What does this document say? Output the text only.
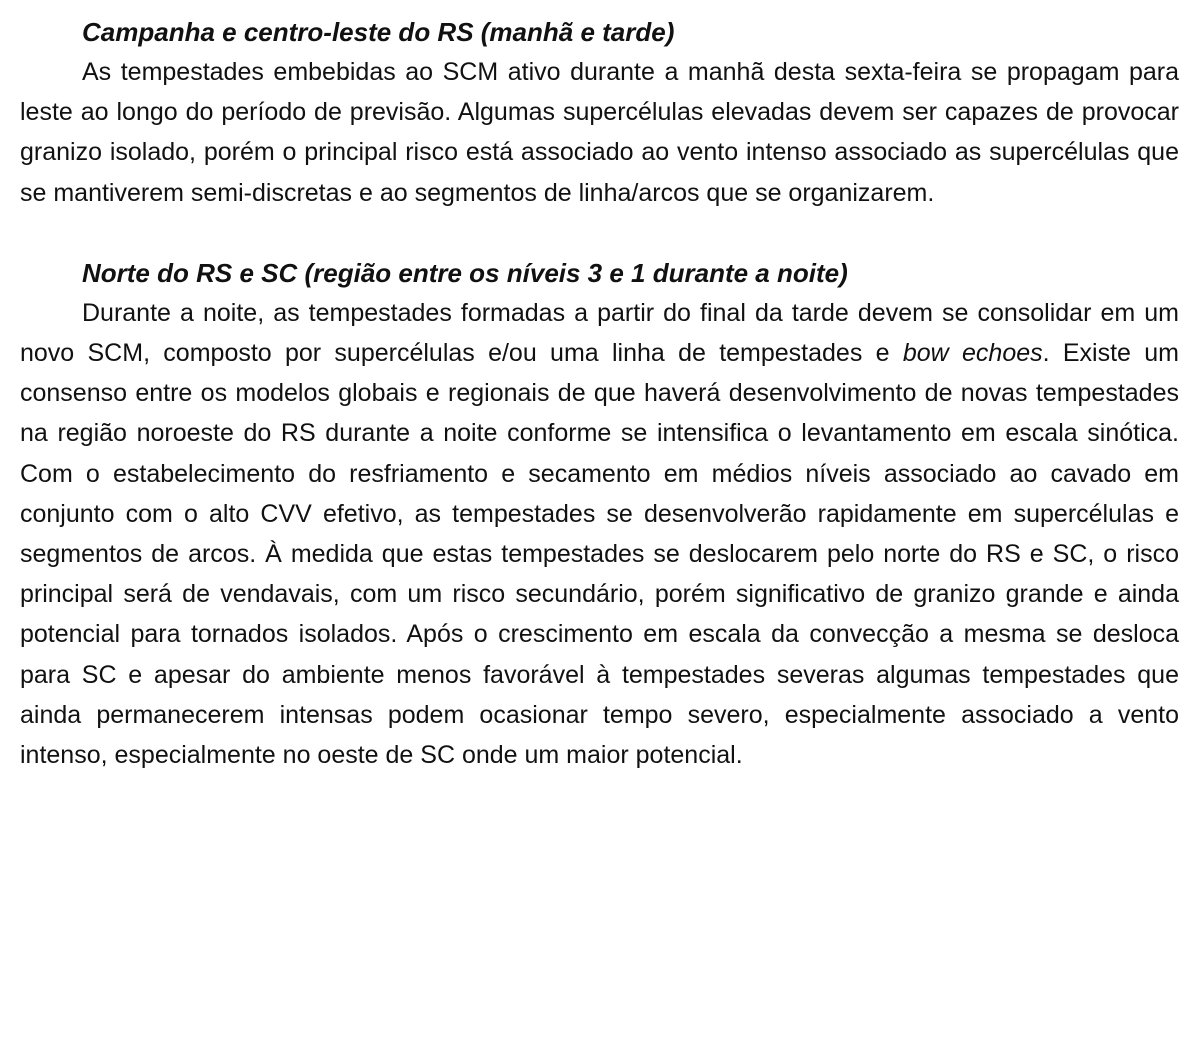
Campanha e centro-leste do RS (manhã e tarde)

As tempestades embebidas ao SCM ativo durante a manhã desta sexta-feira se propagam para leste ao longo do período de previsão. Algumas supercélulas elevadas devem ser capazes de provocar granizo isolado, porém o principal risco está associado ao vento intenso associado as supercélulas que se mantiverem semi-discretas e ao segmentos de linha/arcos que se organizarem.

Norte do RS e SC (região entre os níveis 3 e 1 durante a noite)

Durante a noite, as tempestades formadas a partir do final da tarde devem se consolidar em um novo SCM, composto por supercélulas e/ou uma linha de tempestades e bow echoes. Existe um consenso entre os modelos globais e regionais de que haverá desenvolvimento de novas tempestades na região noroeste do RS durante a noite conforme se intensifica o levantamento em escala sinótica. Com o estabelecimento do resfriamento e secamento em médios níveis associado ao cavado em conjunto com o alto CVV efetivo, as tempestades se desenvolverão rapidamente em supercélulas e segmentos de arcos. À medida que estas tempestades se deslocarem pelo norte do RS e SC, o risco principal será de vendavais, com um risco secundário, porém significativo de granizo grande e ainda potencial para tornados isolados. Após o crescimento em escala da convecção a mesma se desloca para SC e apesar do ambiente menos favorável à tempestades severas algumas tempestades que ainda permanecerem intensas podem ocasionar tempo severo, especialmente associado a vento intenso, especialmente no oeste de SC onde um maior potencial.
